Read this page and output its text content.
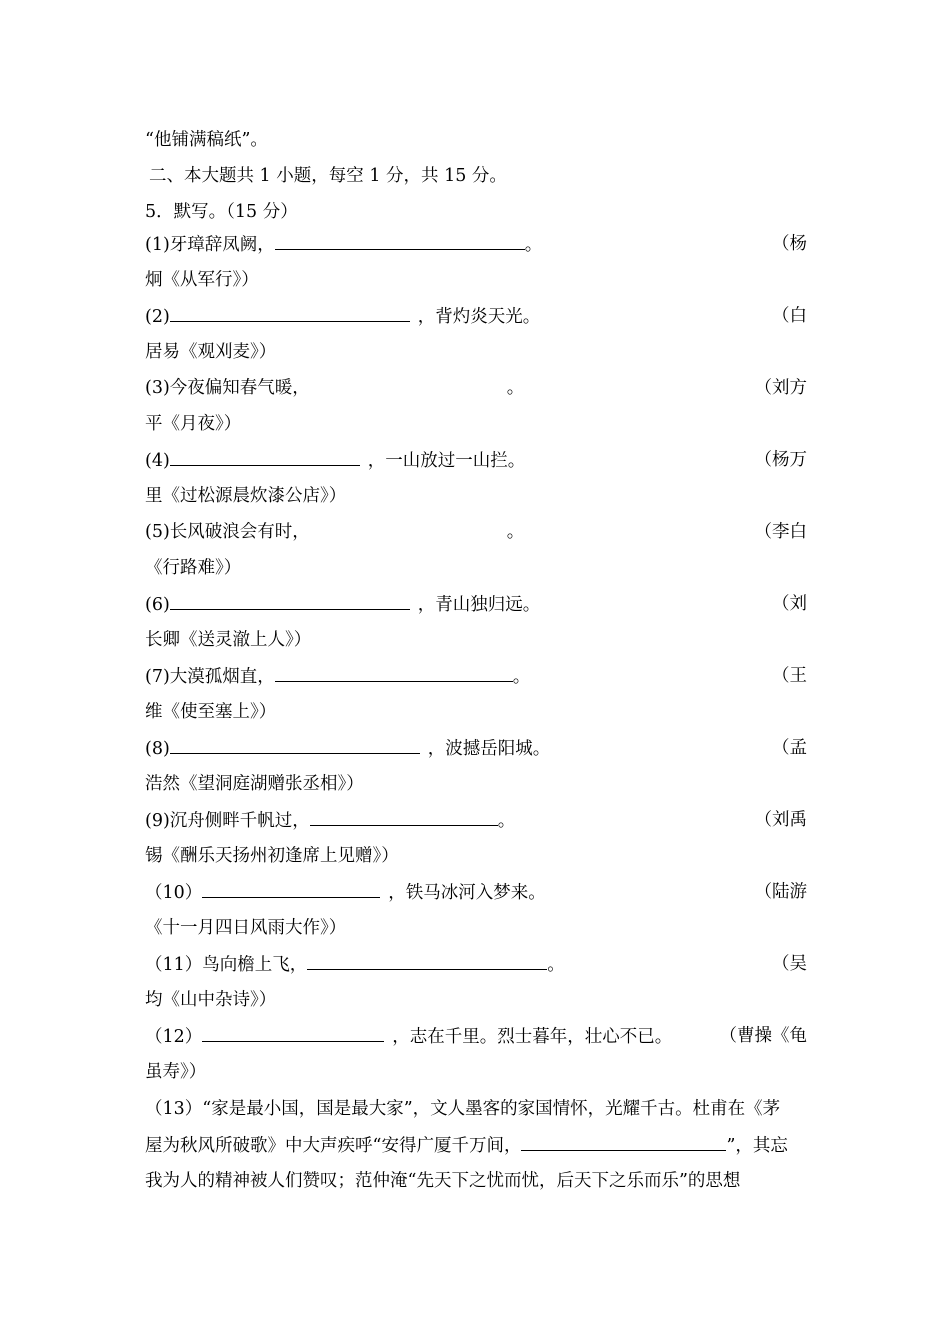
“他铺满稿纸”。
二、本大题共 1 小题，每空 1 分，共 15 分。
5．默写。（15 分）
(1)牙璋辞凤阙，	。	（杨
炯《从军行》）
(2)	，背灼炎天光。	（白
居易《观刈麦》）
(3)今夜偏知春气暖，	。	（刘方
平《月夜》）
(4)	，一山放过一山拦。	（杨万
里《过松源晨炊漆公店》）
(5)长风破浪会有时，	。	（李白
《行路难》）
(6)	，青山独归远。	（刘
长卿《送灵澈上人》）
(7)大漠孤烟直，	。	（王
维《使至塞上》）
(8)	，波撼岳阳城。	（孟
浩然《望洞庭湖赠张丞相》）
(9)沉舟侧畔千帆过，	。	（刘禹
锡《酬乐天扬州初逢席上见赠》）
（10）	，铁马冰河入梦来。	（陆游
《十一月四日风雨大作》）
（11）鸟向檐上飞，	。	（吴
均《山中杂诗》）
（12）	，志在千里。烈士暮年，壮心不已。	（曹操《龟
虽寿》）
（13）“家是最小国，国是最大家”，文人墨客的家国情怀，光耀千古。杜甫在《茅
屋为秋风所破歌》中大声疾呼“安得广厦千万间，	”，其忘
我为人的精神被人们赞叹；范仲淹“先天下之忧而忧，后天下之乐而乐”的思想
